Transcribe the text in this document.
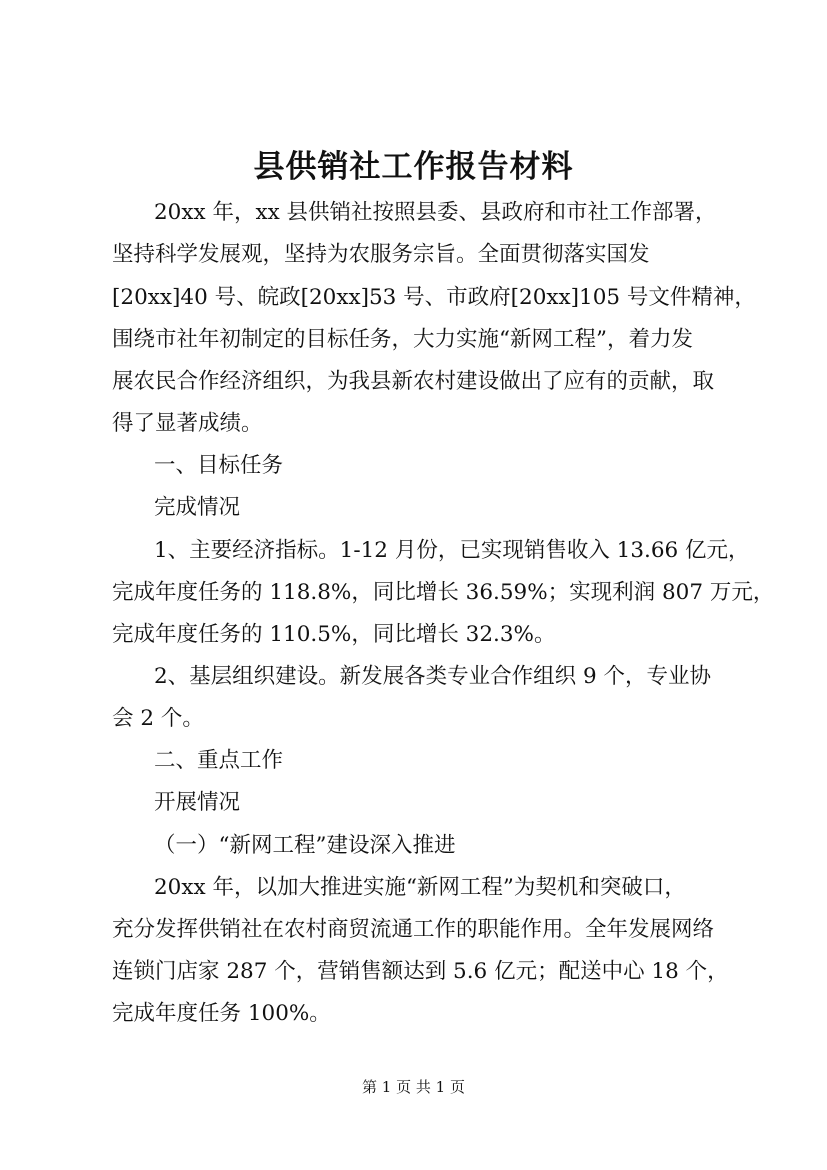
县供销社工作报告材料
20xx 年，xx 县供销社按照县委、县政府和市社工作部署，
坚持科学发展观，坚持为农服务宗旨。全面贯彻落实国发
[20xx]40 号、皖政[20xx]53 号、市政府[20xx]105 号文件精神，
围绕市社年初制定的目标任务，大力实施“新网工程”，着力发
展农民合作经济组织，为我县新农村建设做出了应有的贡献，取
得了显著成绩。
一、目标任务
完成情况
1、主要经济指标。1-12 月份，已实现销售收入 13.66 亿元，
完成年度任务的 118.8%，同比增长 36.59%；实现利润 807 万元，
完成年度任务的 110.5%，同比增长 32.3%。
2、基层组织建设。新发展各类专业合作组织 9 个，专业协
会 2 个。
二、重点工作
开展情况
（一）“新网工程”建设深入推进
20xx 年，以加大推进实施“新网工程”为契机和突破口，
充分发挥供销社在农村商贸流通工作的职能作用。全年发展网络
连锁门店家 287 个，营销售额达到 5.6 亿元；配送中心 18 个，
完成年度任务 100%。
第 1 页 共 1 页
